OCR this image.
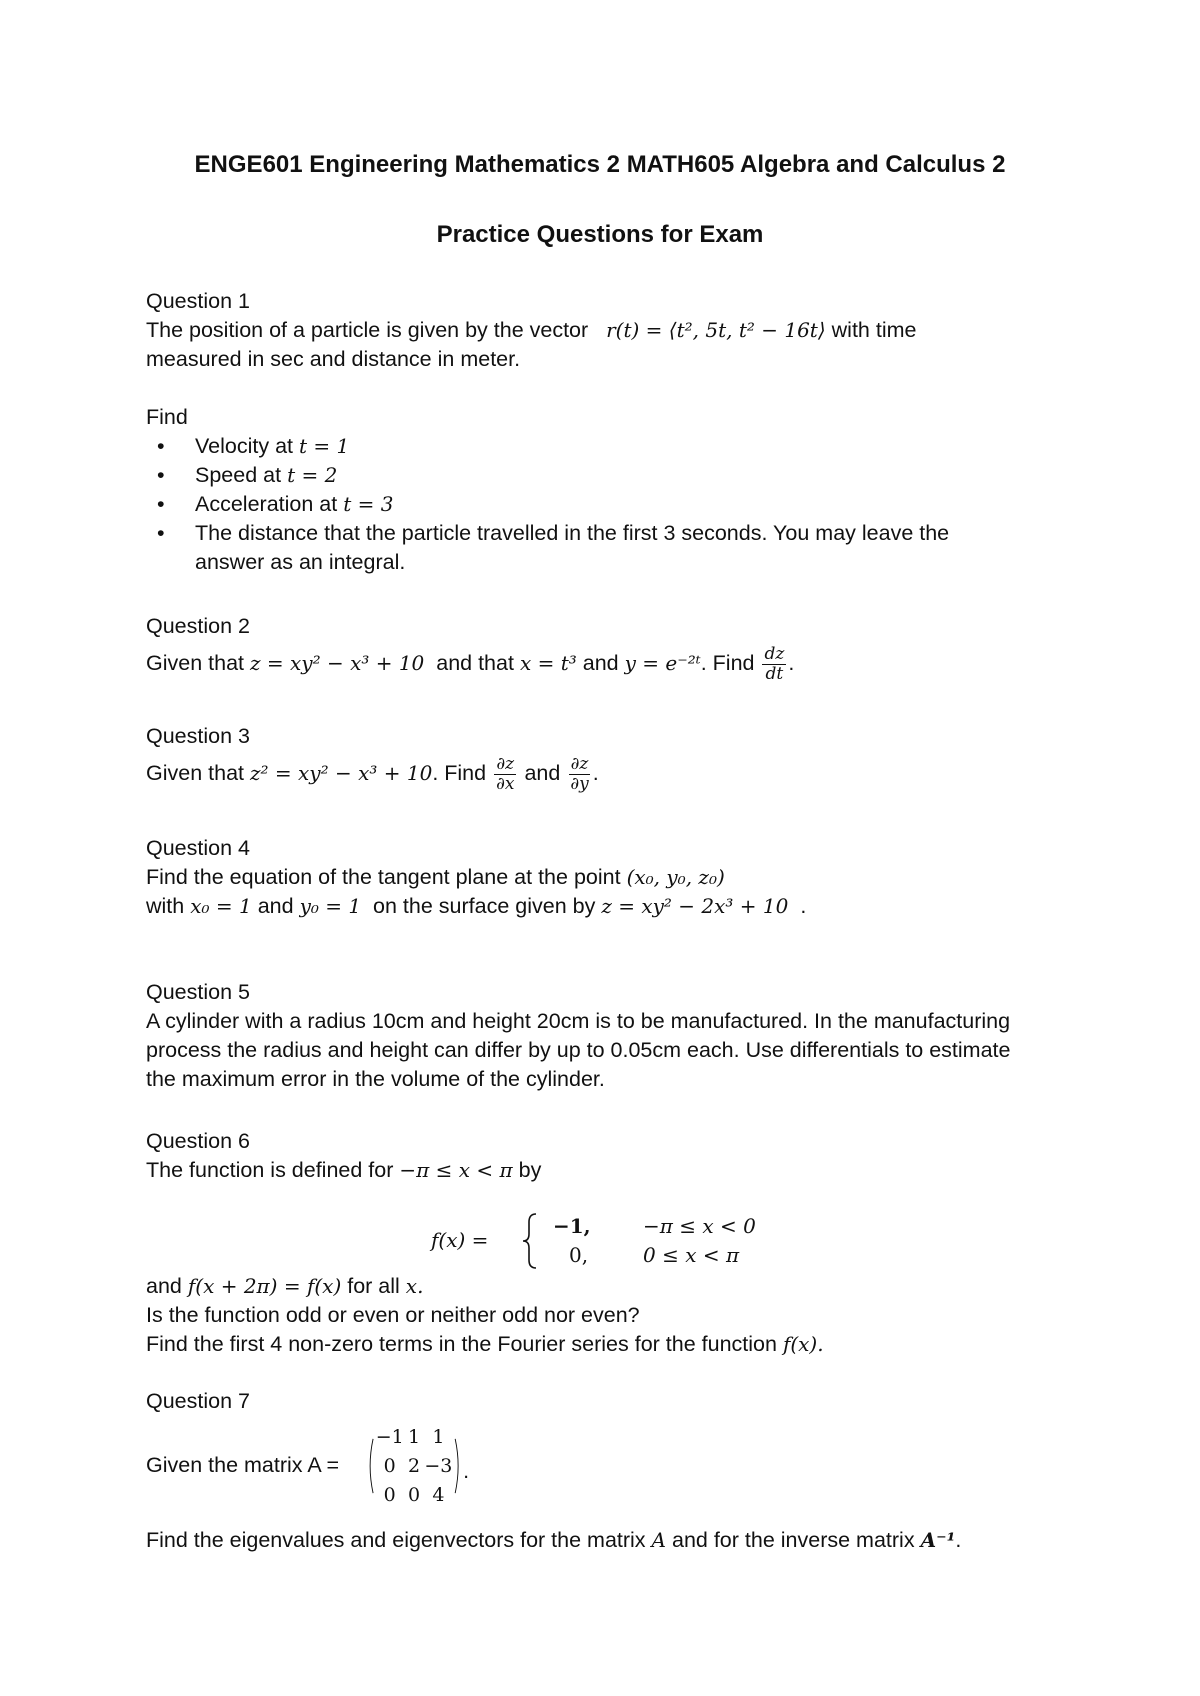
ENGE601 Engineering Mathematics 2 MATH605 Algebra and Calculus 2
Practice Questions for Exam
Question 1
The position of a particle is given by the vector r(t) = ⟨t², 5t, t² − 16t⟩ with time
measured in sec and distance in meter.
Find
• Velocity at t = 1
• Speed at t = 2
• Acceleration at t = 3
• The distance that the particle travelled in the first 3 seconds. You may leave the answer as an integral.
Question 2
Given that z = xy² − x³ + 10 and that x = t³ and y = e⁻²ᵗ. Find $\frac{dz}{dt}$ .
Question 3
Given that z² = xy² − x³ + 10. Find $\frac{\partial z}{\partial x}$ and $\frac{\partial z}{\partial y}$ .
Question 4
Find the equation of the tangent plane at the point (x₀, y₀, z₀)
with x₀ = 1 and y₀ = 1 on the surface given by z = xy² − 2x³ + 10 .
Question 5
A cylinder with a radius 10cm and height 20cm is to be manufactured. In the manufacturing process the radius and height can differ by up to 0.05cm each. Use differentials to estimate the maximum error in the volume of the cylinder.
Question 6
The function is defined for −π ≤ x < π by
f(x) =
−1,	−π ≤ x < 0
0,	0 ≤ x < π
and f(x + 2π) = f(x) for all x.
Is the function odd or even or neither odd nor even?
Find the first 4 non-zero terms in the Fourier series for the function f(x).
Question 7
Given the matrix A =
−1	1	1
0	2	−3
0	0	4
.
Find the eigenvalues and eigenvectors for the matrix A and for the inverse matrix A⁻¹.
